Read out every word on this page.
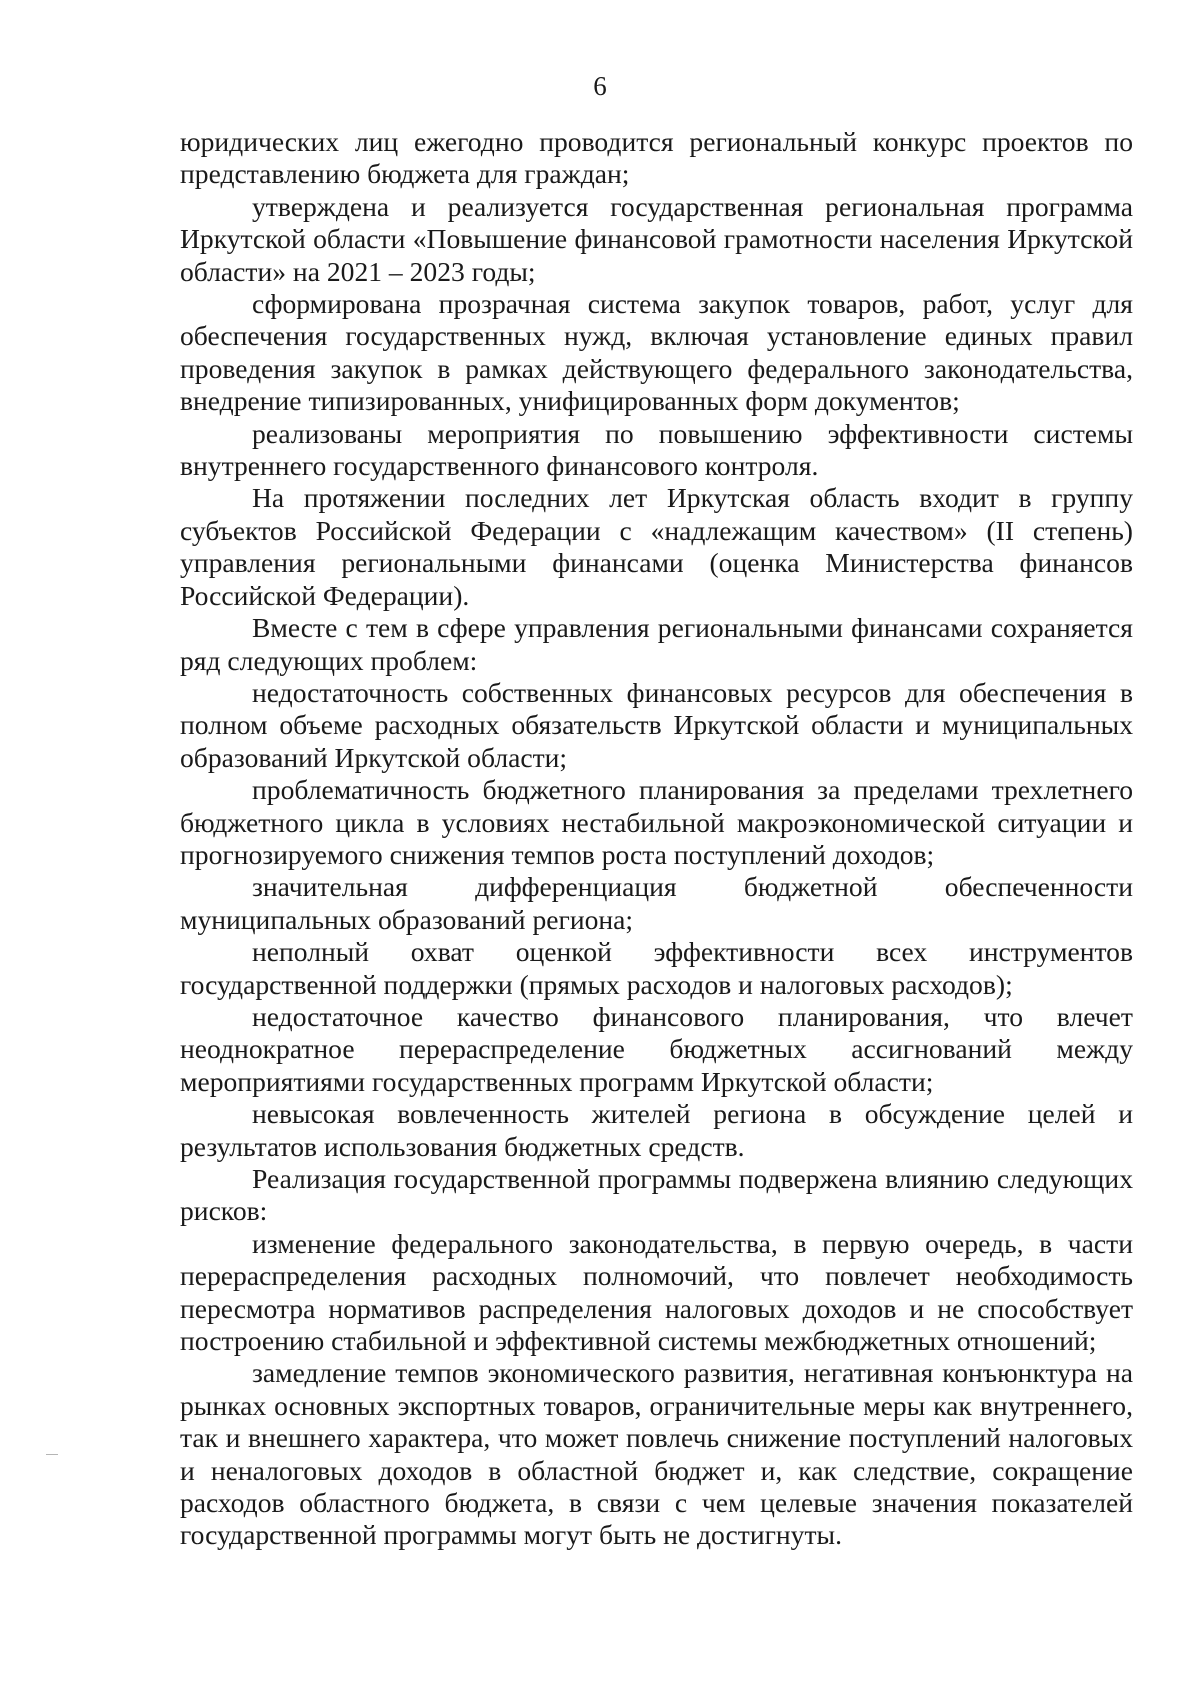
6

юридических лиц ежегодно проводится региональный конкурс проектов по представлению бюджета для граждан;

утверждена и реализуется государственная региональная программа Иркутской области «Повышение финансовой грамотности населения Иркутской области» на 2021 – 2023 годы;

сформирована прозрачная система закупок товаров, работ, услуг для обеспечения государственных нужд, включая установление единых правил проведения закупок в рамках действующего федерального законодательства, внедрение типизированных, унифицированных форм документов;

реализованы мероприятия по повышению эффективности системы внутреннего государственного финансового контроля.

На протяжении последних лет Иркутская область входит в группу субъектов Российской Федерации с «надлежащим качеством» (II степень) управления региональными финансами (оценка Министерства финансов Российской Федерации).

Вместе с тем в сфере управления региональными финансами сохраняется ряд следующих проблем:

недостаточность собственных финансовых ресурсов для обеспечения в полном объеме расходных обязательств Иркутской области и муниципальных образований Иркутской области;

проблематичность бюджетного планирования за пределами трехлетнего бюджетного цикла в условиях нестабильной макроэкономической ситуации и прогнозируемого снижения темпов роста поступлений доходов;

значительная дифференциация бюджетной обеспеченности муниципальных образований региона;

неполный охват оценкой эффективности всех инструментов государственной поддержки (прямых расходов и налоговых расходов);

недостаточное качество финансового планирования, что влечет неоднократное перераспределение бюджетных ассигнований между мероприятиями государственных программ Иркутской области;

невысокая вовлеченность жителей региона в обсуждение целей и результатов использования бюджетных средств.

Реализация государственной программы подвержена влиянию следующих рисков:

изменение федерального законодательства, в первую очередь, в части перераспределения расходных полномочий, что повлечет необходимость пересмотра нормативов распределения налоговых доходов и не способствует построению стабильной и эффективной системы межбюджетных отношений;

замедление темпов экономического развития, негативная конъюнктура на рынках основных экспортных товаров, ограничительные меры как внутреннего, так и внешнего характера, что может повлечь снижение поступлений налоговых и неналоговых доходов в областной бюджет и, как следствие, сокращение расходов областного бюджета, в связи с чем целевые значения показателей государственной программы могут быть не достигнуты.
